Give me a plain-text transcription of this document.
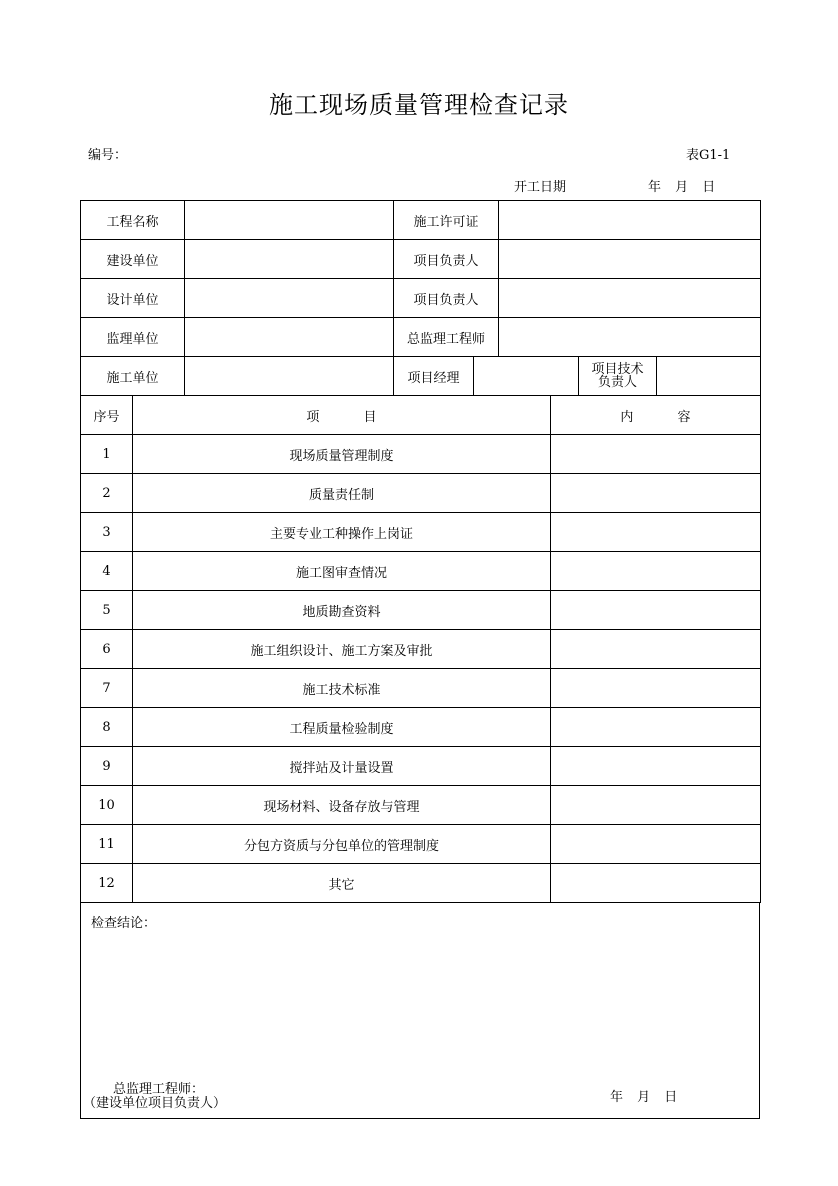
施工现场质量管理检查记录
编号：	表G1-1
开工日期	年 月 日
工程名称		施工许可证				
建设单位		项目负责人				
设计单位		项目负责人				
监理单位		总监理工程师				
施工单位		项目经理			项目技术
负责人	

序号	项 目	内 容
1	现场质量管理制度	
2	质量责任制	
3	主要专业工种操作上岗证	
4	施工图审查情况	
5	地质勘查资料	
6	施工组织设计、施工方案及审批	
7	施工技术标准	
8	工程质量检验制度	
9	搅拌站及计量设置	
10	现场材料、设备存放与管理	
11	分包方资质与分包单位的管理制度	
12	其它	
检查结论：
总监理工程师：
（建设单位项目负责人）	年 月 日
